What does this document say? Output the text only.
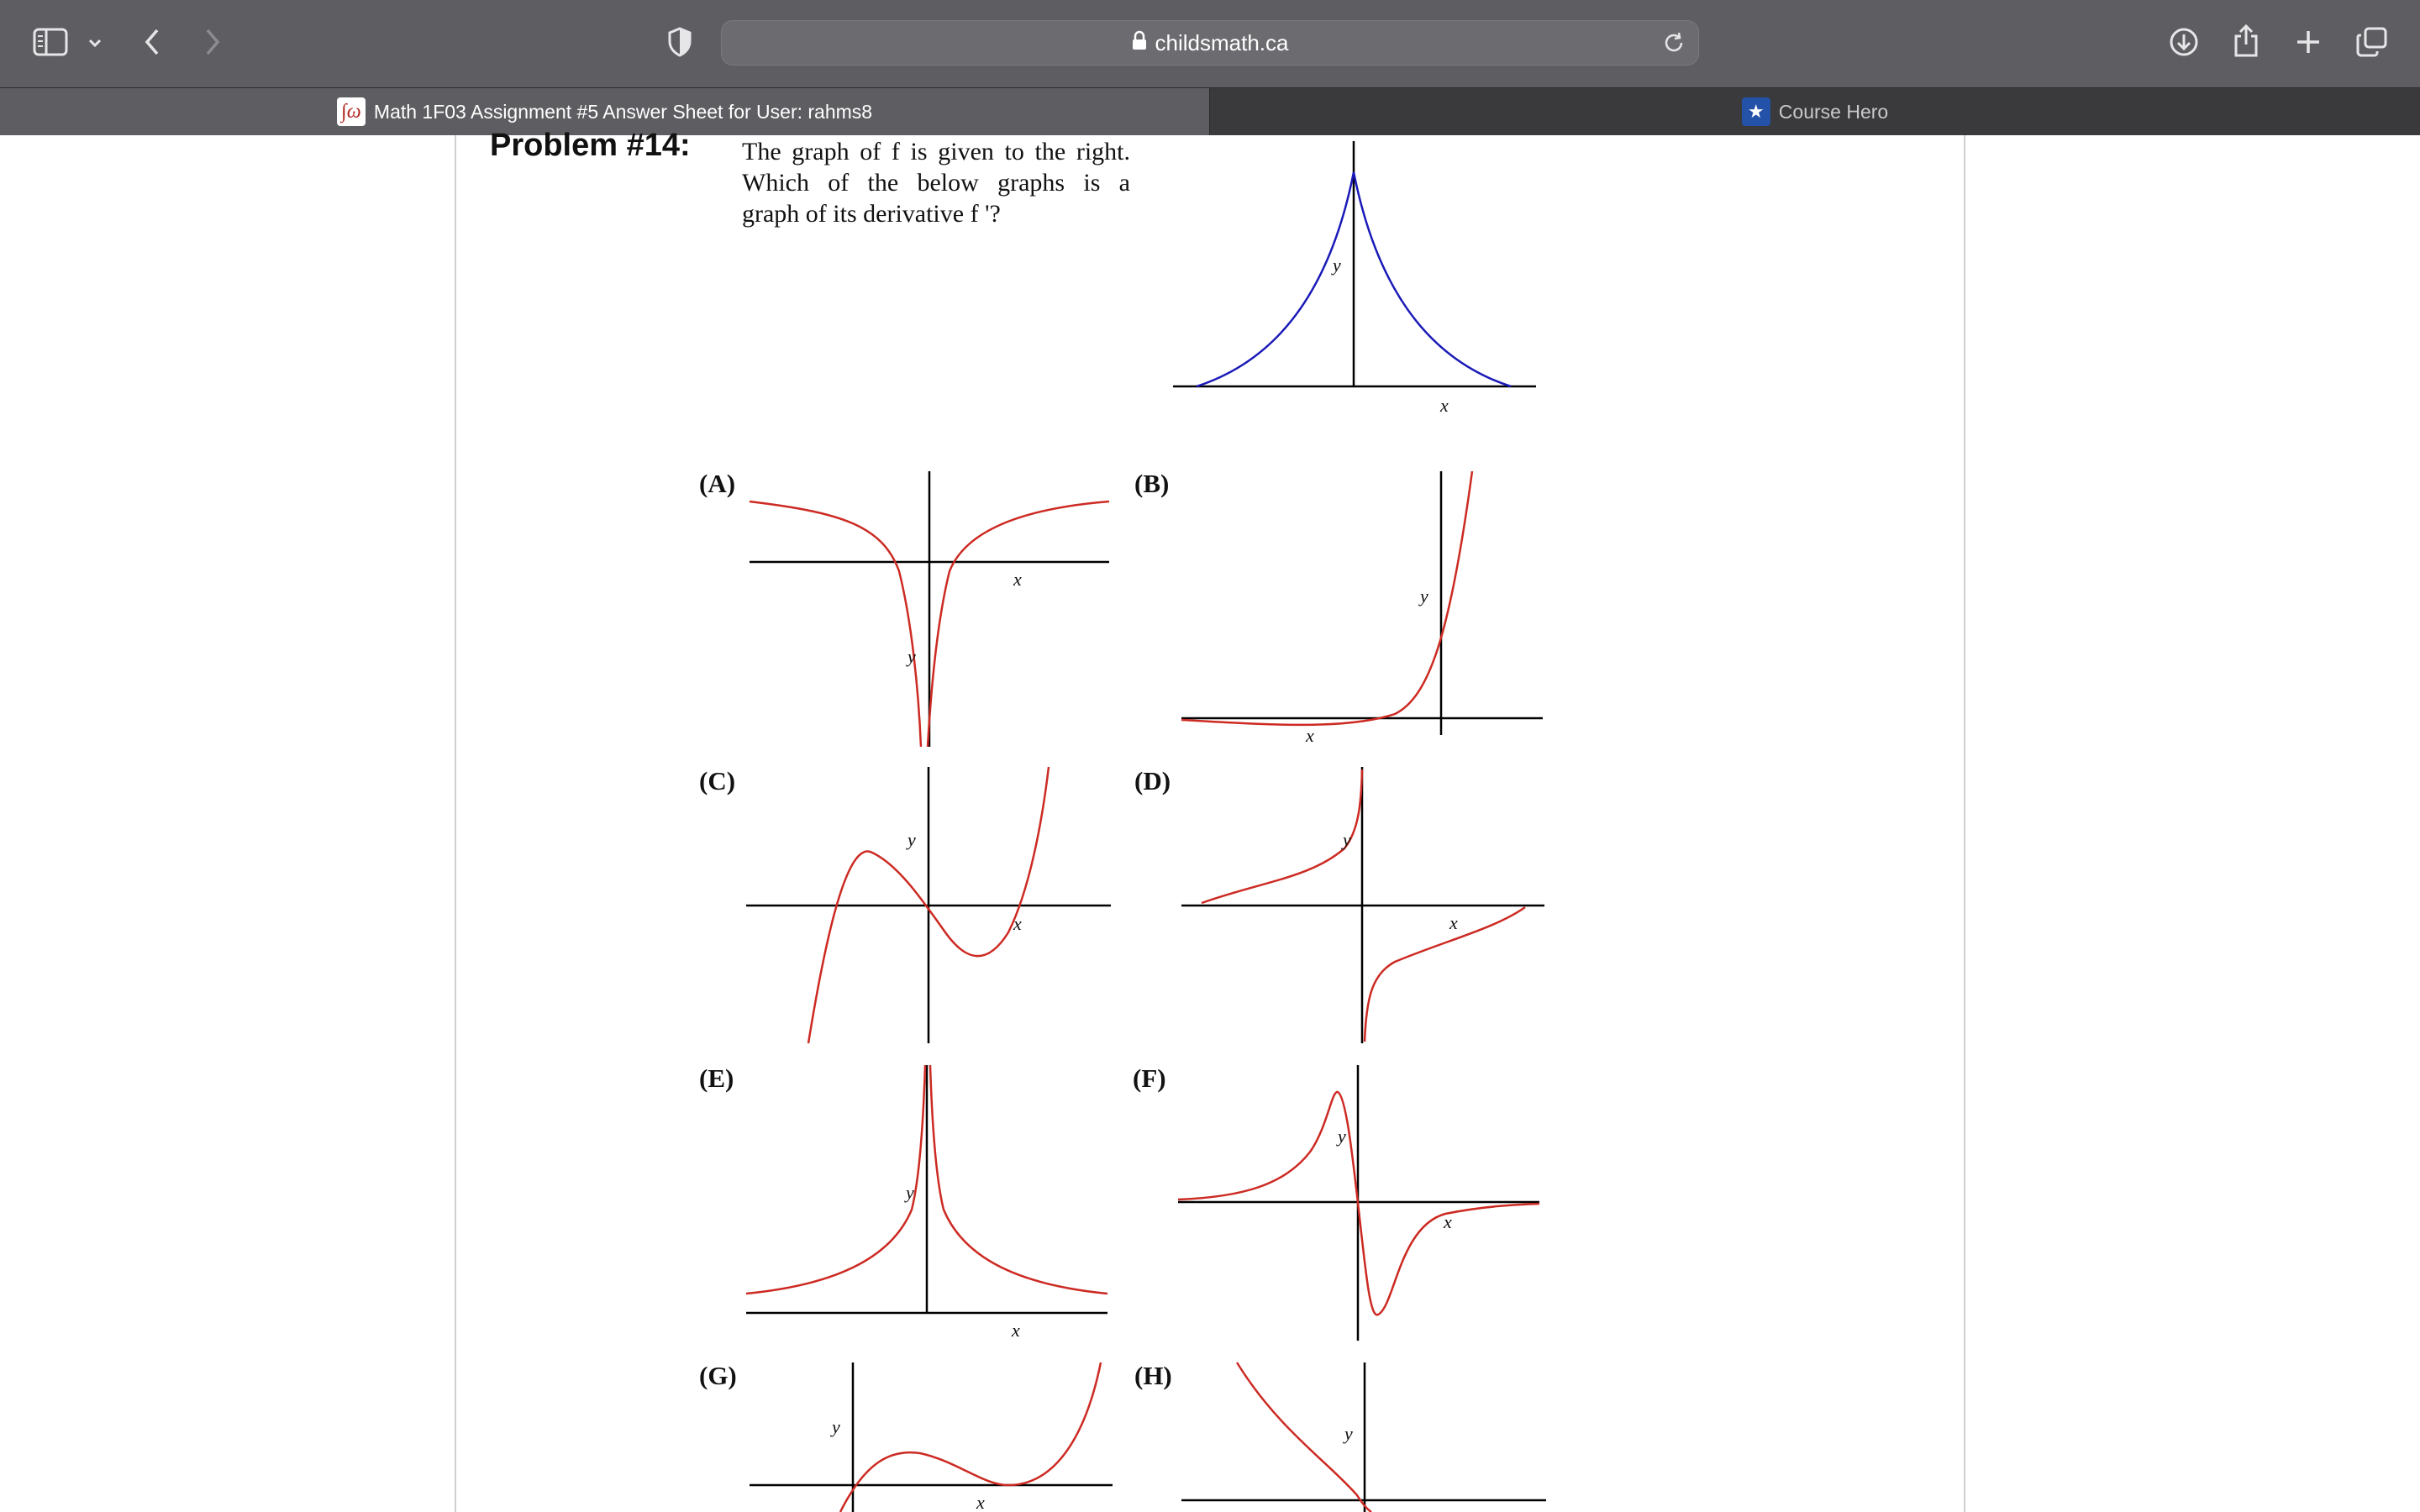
childsmath.ca
∫ω Math 1F03 Assignment #5 Answer Sheet for User: rahms8	★ Course Hero
Problem #14: The graph of f is given to the right.
Which of the below graphs is a
graph of its derivative f '?
y
x
(A)
x
y
(B)
x
y
(C)
x
y
(D)
x
y
(E)
x
y
(F)
x
y
(G)
x
y
(H)
y
